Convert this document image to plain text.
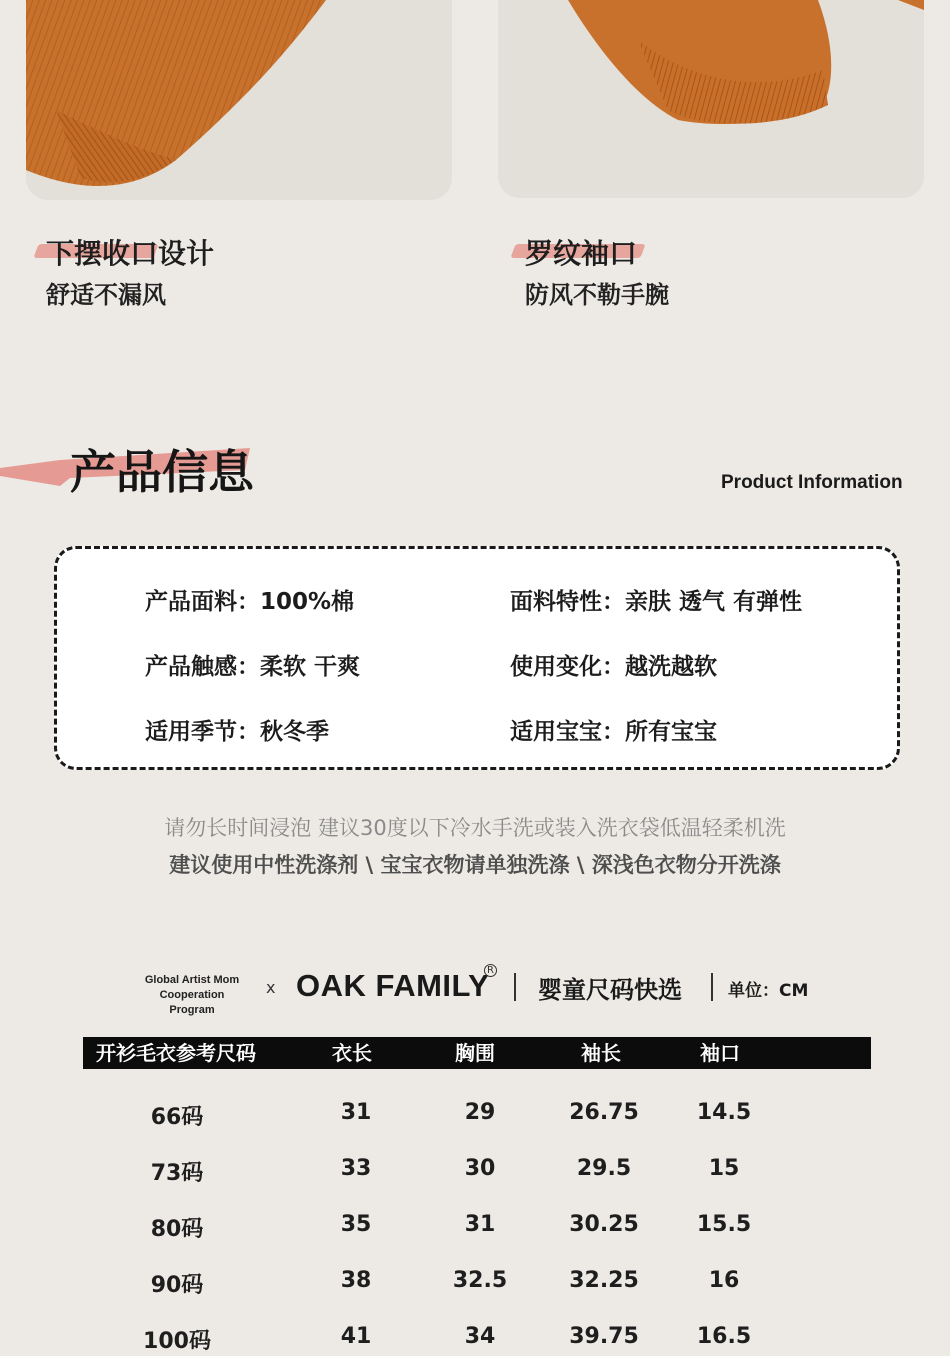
下摆收口设计
舒适不漏风
罗纹袖口
防风不勒手腕
产品信息	Product Information
产品面料：100%棉	面料特性：亲肤 透气 有弹性
产品触感：柔软 干爽	使用变化：越洗越软
适用季节：秋冬季	适用宝宝：所有宝宝
请勿长时间浸泡 建议30度以下冷水手洗或装入洗衣袋低温轻柔机洗
建议使用中性洗涤剂 \ 宝宝衣物请单独洗涤 \ 深浅色衣物分开洗涤
Global Artist Mom
Cooperation Program
x OAK FAMILY
R
婴童尺码快选	单位：CM
开衫毛衣参考尺码	衣长	胸围	袖长	袖口
66码	31	29	26.75	14.5
73码	33	30	29.5	15
80码	35	31	30.25	15.5
90码	38	32.5	32.25	16
100码	41	34	39.75	16.5
